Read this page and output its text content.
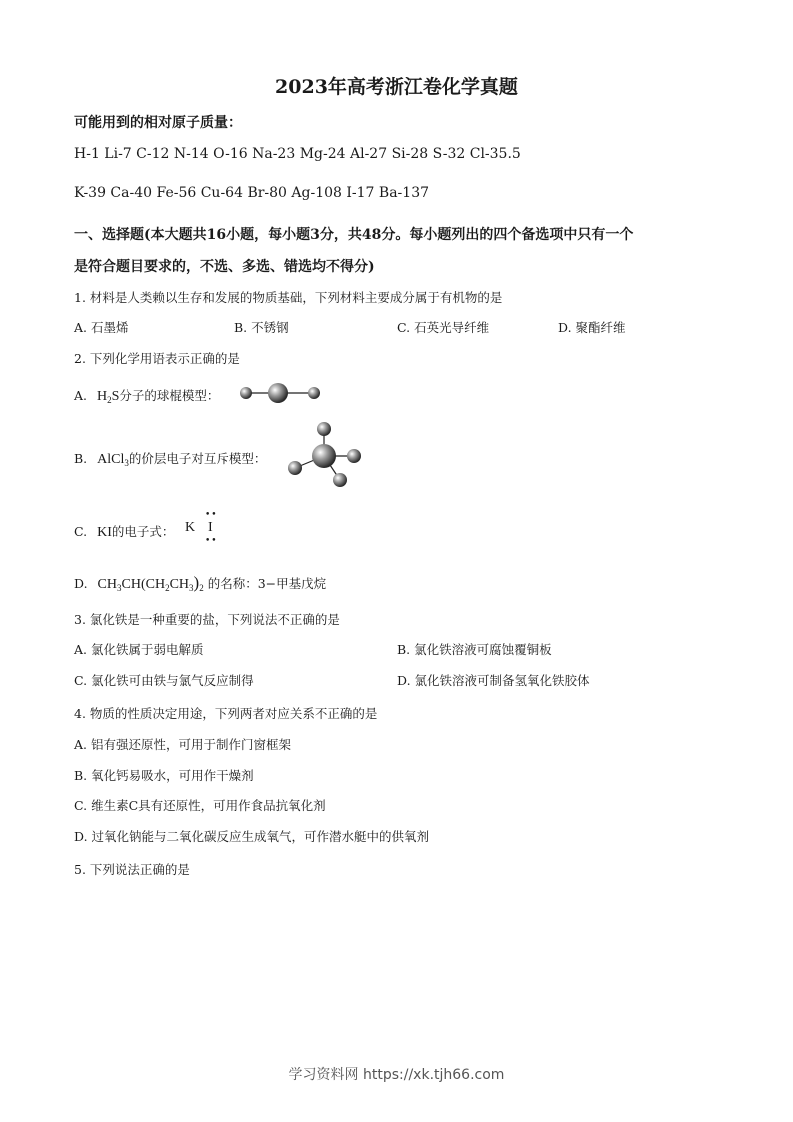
2023年高考浙江卷化学真题
可能用到的相对原子质量：
H-1 Li-7 C-12 N-14 O-16 Na-23 Mg-24 Al-27 Si-28 S-32 Cl-35.5
K-39 Ca-40 Fe-56 Cu-64 Br-80 Ag-108 I-17 Ba-137
一、选择题(本大题共16小题，每小题3分，共48分。每小题列出的四个备选项中只有一个
是符合题目要求的，不选、多选、错选均不得分)
1. 材料是人类赖以生存和发展的物质基础，下列材料主要成分属于有机物的是
A. 石墨烯	B. 不锈钢	C. 石英光导纤维	D. 聚酯纤维
2. 下列化学用语表示正确的是
A. $H_2S$分子的球棍模型：
B. AlCl$_3$的价层电子对互斥模型：
C. KI的电子式： K
••
I
••
D. $CH_3CH(CH_2CH_3)_2$ 的名称：3−甲基戊烷
3. 氯化铁是一种重要的盐，下列说法不正确的是
A. 氯化铁属于弱电解质	B. 氯化铁溶液可腐蚀覆铜板
C. 氯化铁可由铁与氯气反应制得	D. 氯化铁溶液可制备氢氧化铁胶体
4. 物质的性质决定用途，下列两者对应关系不正确的是
A. 铝有强还原性，可用于制作门窗框架
B. 氧化钙易吸水，可用作干燥剂
C. 维生素C具有还原性，可用作食品抗氧化剂
D. 过氧化钠能与二氧化碳反应生成氧气，可作潜水艇中的供氧剂
5. 下列说法正确的是
学习资料网 https://xk.tjh66.com
